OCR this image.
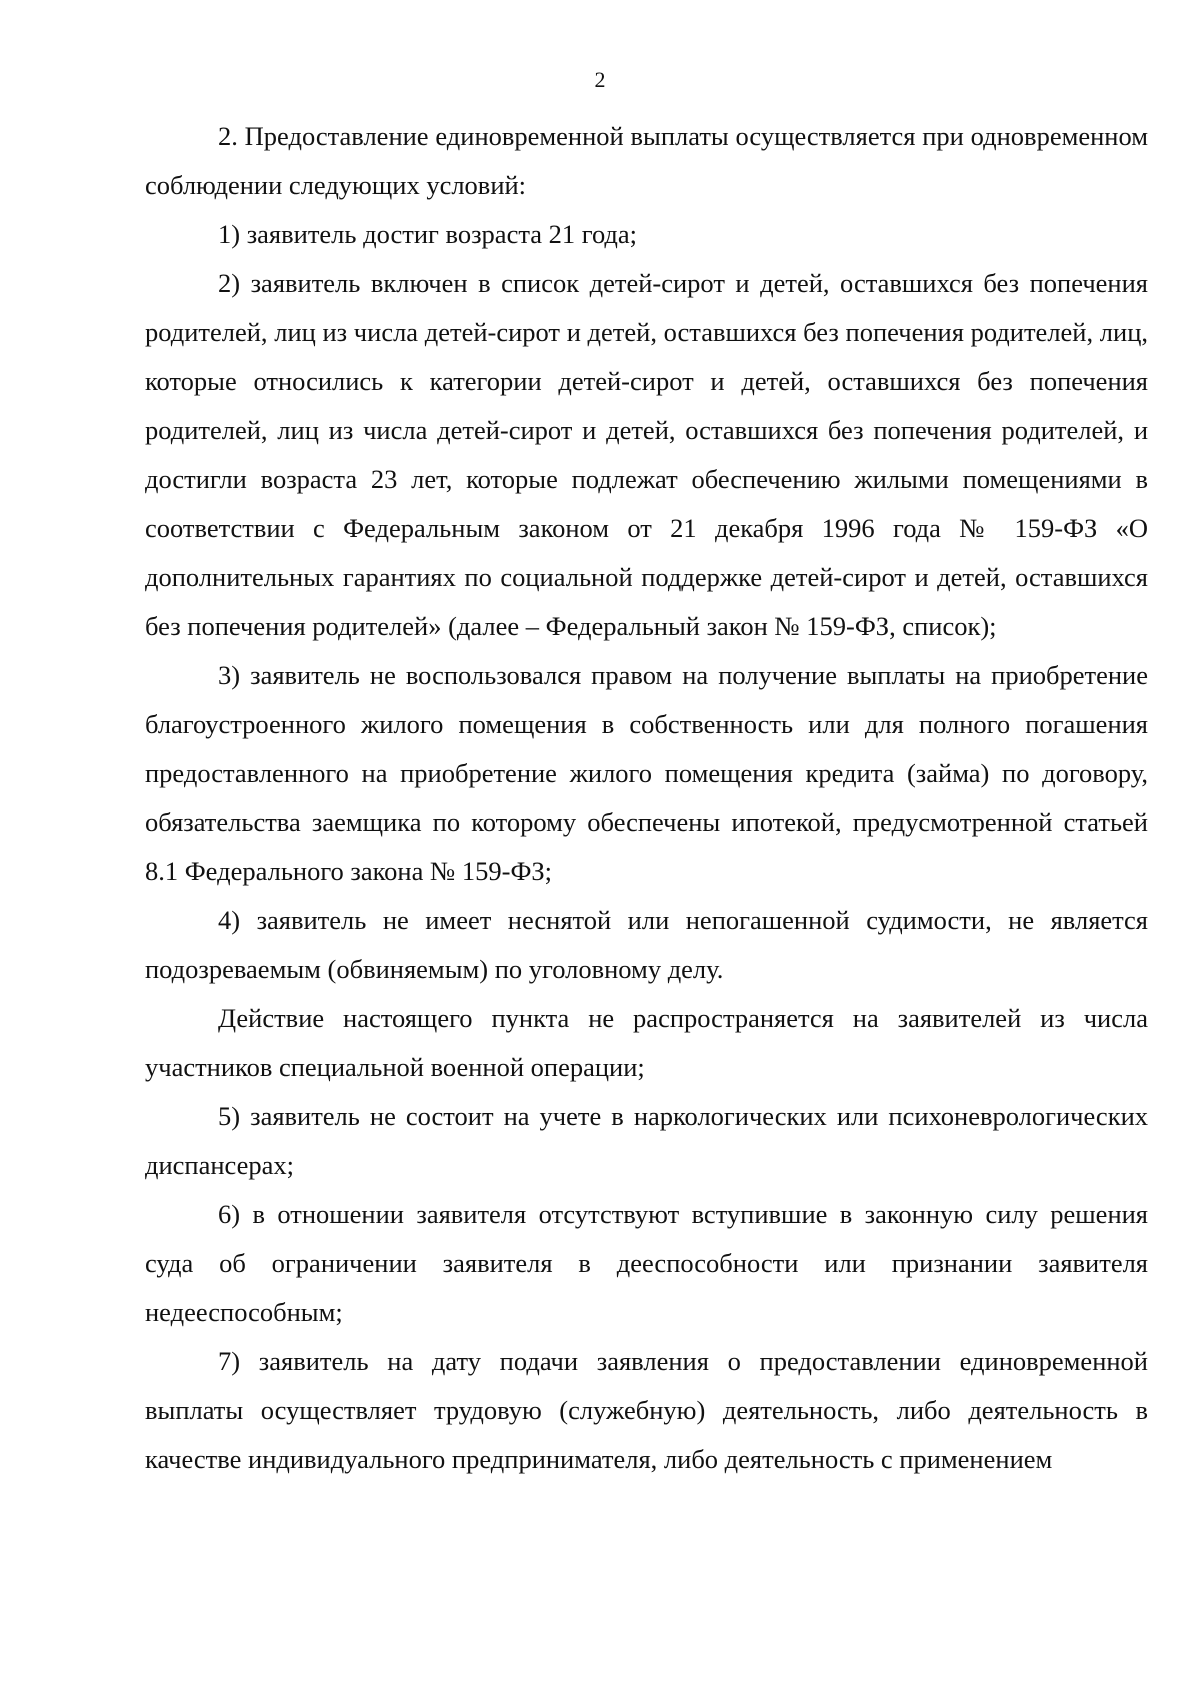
2

2. Предоставление единовременной выплаты осуществляется при одновременном соблюдении следующих условий:

1) заявитель достиг возраста 21 года;

2) заявитель включен в список детей-сирот и детей, оставшихся без попечения родителей, лиц из числа детей-сирот и детей, оставшихся без попечения родителей, лиц, которые относились к категории детей-сирот и детей, оставшихся без попечения родителей, лиц из числа детей-сирот и детей, оставшихся без попечения родителей, и достигли возраста 23 лет, которые подлежат обеспечению жилыми помещениями в соответствии с Федеральным законом от 21 декабря 1996 года № 159-ФЗ «О дополнительных гарантиях по социальной поддержке детей-сирот и детей, оставшихся без попечения родителей» (далее – Федеральный закон № 159-ФЗ, список);

3) заявитель не воспользовался правом на получение выплаты на приобретение благоустроенного жилого помещения в собственность или для полного погашения предоставленного на приобретение жилого помещения кредита (займа) по договору, обязательства заемщика по которому обеспечены ипотекой, предусмотренной статьей 8.1 Федерального закона № 159-ФЗ;

4) заявитель не имеет неснятой или непогашенной судимости, не является подозреваемым (обвиняемым) по уголовному делу.

Действие настоящего пункта не распространяется на заявителей из числа участников специальной военной операции;

5) заявитель не состоит на учете в наркологических или психоневрологических диспансерах;

6) в отношении заявителя отсутствуют вступившие в законную силу решения суда об ограничении заявителя в дееспособности или признании заявителя недееспособным;

7) заявитель на дату подачи заявления о предоставлении единовременной выплаты осуществляет трудовую (служебную) деятельность, либо деятельность в качестве индивидуального предпринимателя, либо деятельность с применением
